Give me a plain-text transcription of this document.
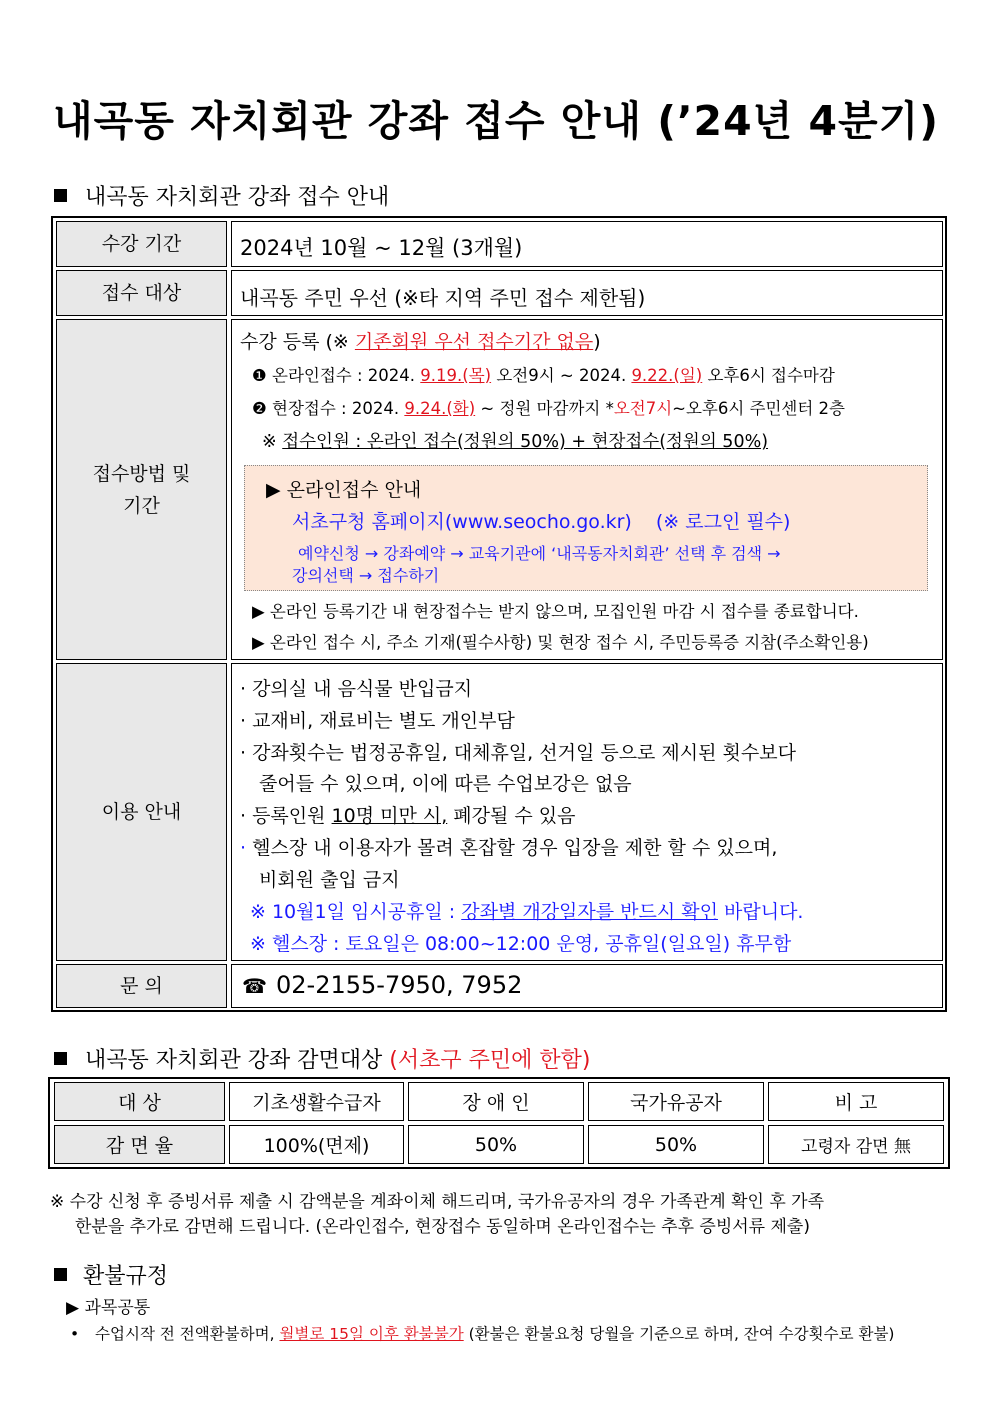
내곡동 자치회관 강좌 접수 안내 (’24년 4분기)
내곡동 자치회관 강좌 접수 안내
수강 기간	2024년 10월 ~ 12월 (3개월)
접수 대상	내곡동 주민 우선 (※타 지역 주민 접수 제한됨)
접수방법 및
기간
수강 등록 (※ 기존회원 우선 접수기간 없음)
❶ 온라인접수 : 2024. 9.19.(목) 오전9시 ~ 2024. 9.22.(일) 오후6시 접수마감
❷ 현장접수 : 2024. 9.24.(화) ~ 정원 마감까지 *오전7시~오후6시 주민센터 2층
※ 접수인원 : 온라인 접수(정원의 50%) + 현장접수(정원의 50%)
▶ 온라인접수 안내
서초구청 홈페이지(www.seocho.go.kr) (※ 로그인 필수)
예약신청 → 강좌예약 → 교육기관에 ‘내곡동자치회관’ 선택 후 검색 →
강의선택 → 접수하기
▶ 온라인 등록기간 내 현장접수는 받지 않으며, 모집인원 마감 시 접수를 종료합니다.
▶ 온라인 접수 시, 주소 기재(필수사항) 및 현장 접수 시, 주민등록증 지참(주소확인용)
이용 안내
· 강의실 내 음식물 반입금지
· 교재비, 재료비는 별도 개인부담
· 강좌횟수는 법정공휴일, 대체휴일, 선거일 등으로 제시된 횟수보다
줄어들 수 있으며, 이에 따른 수업보강은 없음
· 등록인원 10명 미만 시, 폐강될 수 있음
· 헬스장 내 이용자가 몰려 혼잡할 경우 입장을 제한 할 수 있으며,
비회원 출입 금지
※ 10월1일 임시공휴일 : 강좌별 개강일자를 반드시 확인 바랍니다.
※ 헬스장 : 토요일은 08:00~12:00 운영, 공휴일(일요일) 휴무함
문 의	☎ 02-2155-7950, 7952
내곡동 자치회관 강좌 감면대상 (서초구 주민에 한함)
대 상	기초생활수급자	장 애 인	국가유공자	비 고
감 면 율	100%(면제)	50%	50%	고령자 감면 無
※ 수강 신청 후 증빙서류 제출 시 감액분을 계좌이체 해드리며, 국가유공자의 경우 가족관계 확인 후 가족
한분을 추가로 감면해 드립니다. (온라인접수, 현장접수 동일하며 온라인접수는 추후 증빙서류 제출)
환불규정
▶ 과목공통
• 수업시작 전 전액환불하며, 월별로 15일 이후 환불불가 (환불은 환불요청 당월을 기준으로 하며, 잔여 수강횟수로 환불)
